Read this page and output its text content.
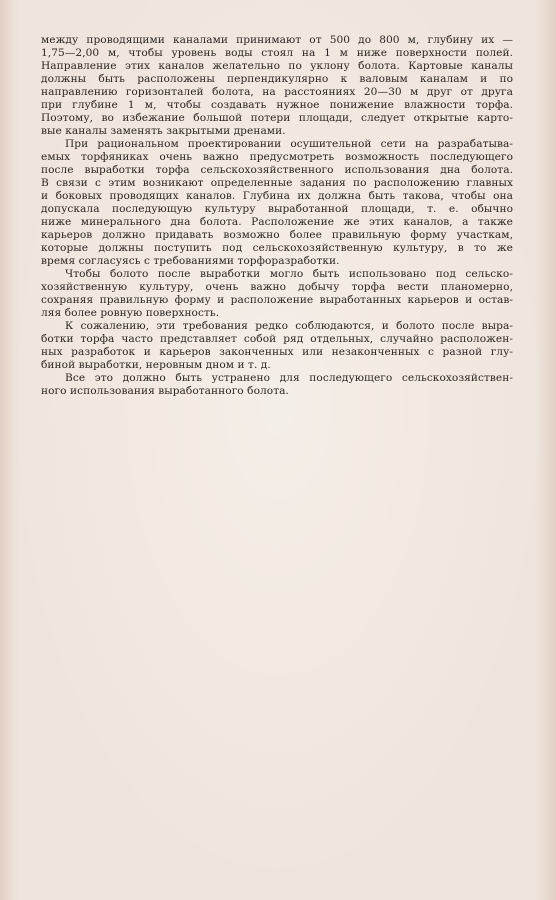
между проводящими каналами принимают от 500 до 800 м, глубину их —
1,75—2,00 м, чтобы уровень воды стоял на 1 м ниже поверхности полей.
Направление этих каналов желательно по уклону болота. Картовые каналы
должны быть расположены перпендикулярно к валовым каналам и по
направлению горизонталей болота, на расстояниях 20—30 м друг от друга
при глубине 1 м, чтобы создавать нужное понижение влажности торфа.
Поэтому, во избежание большой потери площади, следует открытые карто-
вые каналы заменять закрытыми дренами.

При рациональном проектировании осушительной сети на разрабатыва-
емых торфяниках очень важно предусмотреть возможность последующего
после выработки торфа сельскохозяйственного использования дна болота.
В связи с этим возникают определенные задания по расположению главных
и боковых проводящих каналов. Глубина их должна быть такова, чтобы она
допускала последующую культуру выработанной площади, т. е. обычно
ниже минерального дна болота. Расположение же этих каналов, а также
карьеров должно придавать возможно более правильную форму участкам,
которые должны поступить под сельскохозяйственную культуру, в то же
время согласуясь с требованиями торфоразработки.

Чтобы болото после выработки могло быть использовано под сельско-
хозяйственную культуру, очень важно добычу торфа вести планомерно,
сохраняя правильную форму и расположение выработанных карьеров и остав-
ляя более ровную поверхность.

К сожалению, эти требования редко соблюдаются, и болото после выра-
ботки торфа часто представляет собой ряд отдельных, случайно расположен-
ных разработок и карьеров законченных или незаконченных с разной глу-
биной выработки, неровным дном и т. д.

Все это должно быть устранено для последующего сельскохозяйствен-
ного использования выработанного болота.
